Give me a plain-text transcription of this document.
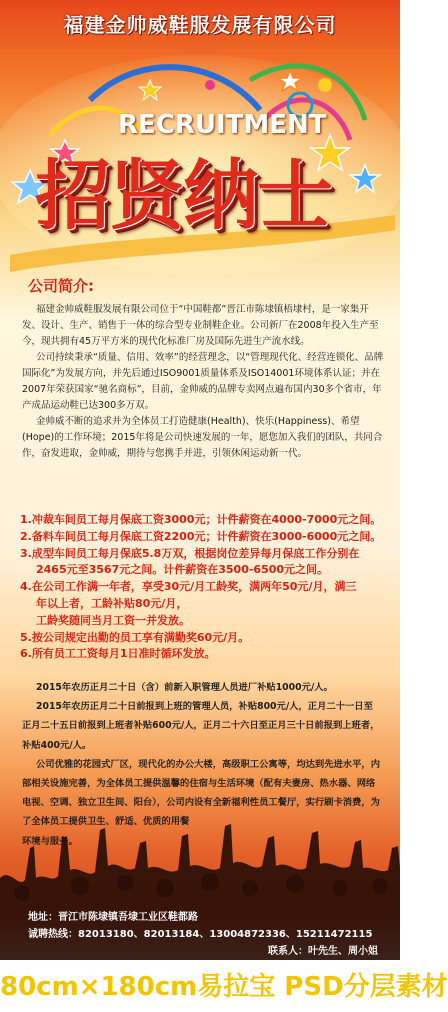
福建金帅威鞋服发展有限公司
RECRUITMENT
招贤纳士
公司简介:

福建金帅威鞋服发展有限公司位于“中国鞋都”晋江市陈埭镇梧埭村，是一家集开发、设计、生产、销售于一体的综合型专业制鞋企业。公司新厂在2008年投入生产至今，现共拥有45万平方米的现代化标准厂房及国际先进生产流水线。

公司持续秉承“质量、信用、效率”的经营理念，以“管理现代化、经营连锁化、品牌国际化”为发展方向，并先后通过ISO9001质量体系及ISO14001环境体系认证；并在2007年荣获国家“驰名商标”，目前，金帅威的品牌专卖网点遍布国内30多个省市，年产成品运动鞋已达300多万双。

金帅威不断的追求并为全体员工打造健康(Health)、快乐(Happiness)、希望(Hope)的工作环境；2015年将是公司快速发展的一年，愿您加入我们的团队，共同合作，奋发进取，金帅威，期待与您携手并进，引领休闲运动新一代。

1.冲裁车间员工每月保底工资3000元；计件薪资在4000-7000元之间。

2.备料车间员工每月保底工资2200元；计件薪资在3000-6000元之间。

3.成型车间员工每月保底5.8万双，根据岗位差异每月保底工作分别在

2465元至3567元之间。计件薪资在3500-6500元之间。

4.在公司工作满一年者，享受30元/月工龄奖，满两年50元/月，满三

年以上者，工龄补贴80元/月，

工龄奖随同当月工资一并发放。

5.按公司规定出勤的员工享有满勤奖60元/月。

6.所有员工工资每月1日准时循环发放。

2015年农历正月二十日（含）前新入职管理人员进厂补贴1000元/人。

2015年农历正月二十日前报到上班的管理人员，补贴800元/人，正月二十一日至正月二十五日前报到上班者补贴600元/人，正月二十六日至正月三十日前报到上班者，补贴400元/人。

公司优雅的花园式厂区，现代化的办公大楼，高级职工公寓等，均达到先进水平，内部相关设施完善，为全体员工提供温馨的住宿与生活环境（配有夫妻房、热水器、网络电视、空调、独立卫生间、阳台），公司内设有全新福利性员工餐厅，实行刷卡消费，为了全体员工提供卫生、舒适、优质的用餐

环境与服务。

地址：晋江市陈埭镇吾埭工业区鞋都路
诚聘热线：82013180、82013184、13004872336、15211472115
联系人：叶先生、周小姐
80cm×180cm易拉宝 PSD分层素材
